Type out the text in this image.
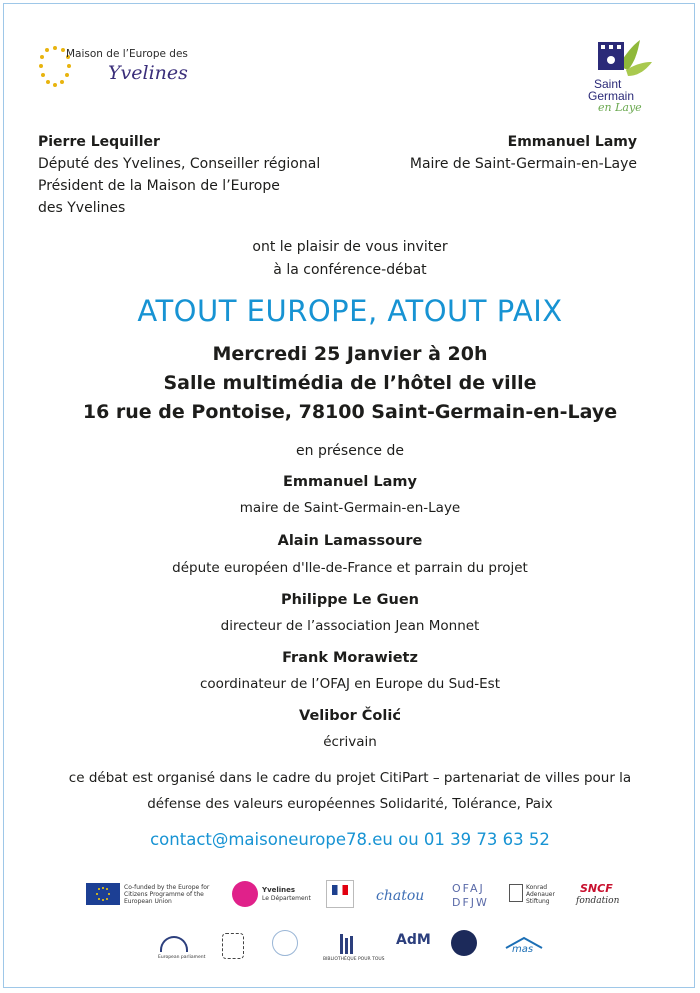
Maison de l’Europe des
Yvelines	Saint
Germain
en Laye
Pierre Lequiller
Député des Yvelines, Conseiller régional
Président de la Maison de l’Europe
des Yvelines
Emmanuel Lamy
Maire de Saint-Germain-en-Laye
ont le plaisir de vous inviter
à la conférence-débat
ATOUT EUROPE, ATOUT PAIX
Mercredi 25 Janvier à 20h
Salle multimédia de l’hôtel de ville
16 rue de Pontoise, 78100 Saint-Germain-en-Laye
en présence de
Emmanuel Lamy
maire de Saint-Germain-en-Laye
Alain Lamassoure
députe européen d'Ile-de-France et parrain du projet
Philippe Le Guen
directeur de l’association Jean Monnet
Frank Morawietz
coordinateur de l’OFAJ en Europe du Sud-Est
Velibor Čolić
écrivain
ce débat est organisé dans le cadre du projet CitiPart – partenariat de villes pour la
défense des valeurs européennes Solidarité, Tolérance, Paix
contact@maisoneurope78.eu ou 01 39 73 63 52
Co-funded by the Europe for Citizens Programme of the European Union
Yvelines
Le Département	chatou	OFAJ
DFJW
Konrad Adenauer Stiftung
SNCF
fondation
European parliament	BIBLIOTHÈQUE POUR TOUS
AdM
mas
